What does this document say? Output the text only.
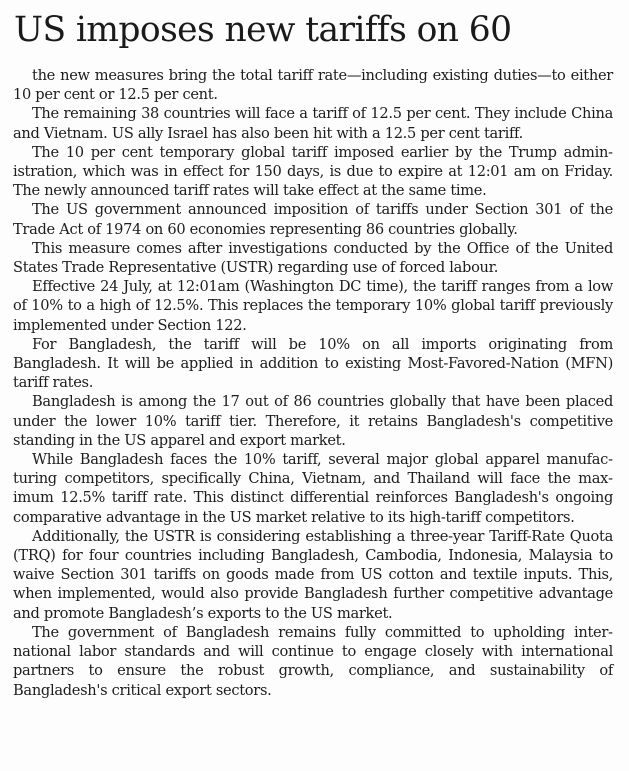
US imposes new tariffs on 60

the new measures bring the total tariff rate—including existing duties—to either 10 per cent or 12.5 per cent.

The remaining 38 countries will face a tariff of 12.5 per cent. They include China and Vietnam. US ally Israel has also been hit with a 12.5 per cent tariff.

The 10 per cent temporary global tariff imposed earlier by the Trump administration, which was in effect for 150 days, is due to expire at 12:01 am on Friday. The newly announced tariff rates will take effect at the same time.

The US government announced imposition of tariffs under Section 301 of the Trade Act of 1974 on 60 economies representing 86 countries globally.

This measure comes after investigations conducted by the Office of the United States Trade Representative (USTR) regarding use of forced labour.

Effective 24 July, at 12:01am (Washington DC time), the tariff ranges from a low of 10% to a high of 12.5%. This replaces the temporary 10% global tariff previously implemented under Section 122.

For Bangladesh, the tariff will be 10% on all imports originating from Bangladesh. It will be applied in addition to existing Most-Favored-Nation (MFN) tariff rates.

Bangladesh is among the 17 out of 86 countries globally that have been placed under the lower 10% tariff tier. Therefore, it retains Bangladesh's competitive standing in the US apparel and export market.

While Bangladesh faces the 10% tariff, several major global apparel manufacturing competitors, specifically China, Vietnam, and Thailand will face the maximum 12.5% tariff rate. This distinct differential reinforces Bangladesh's ongoing comparative advantage in the US market relative to its high-tariff competitors.

Additionally, the USTR is considering establishing a three-year Tariff-Rate Quota (TRQ) for four countries including Bangladesh, Cambodia, Indonesia, Malaysia to waive Section 301 tariffs on goods made from US cotton and textile inputs. This, when implemented, would also provide Bangladesh further competitive advantage and promote Bangladesh’s exports to the US market.

The government of Bangladesh remains fully committed to upholding international labor standards and will continue to engage closely with international partners to ensure the robust growth, compliance, and sustainability of Bangladesh's critical export sectors.
